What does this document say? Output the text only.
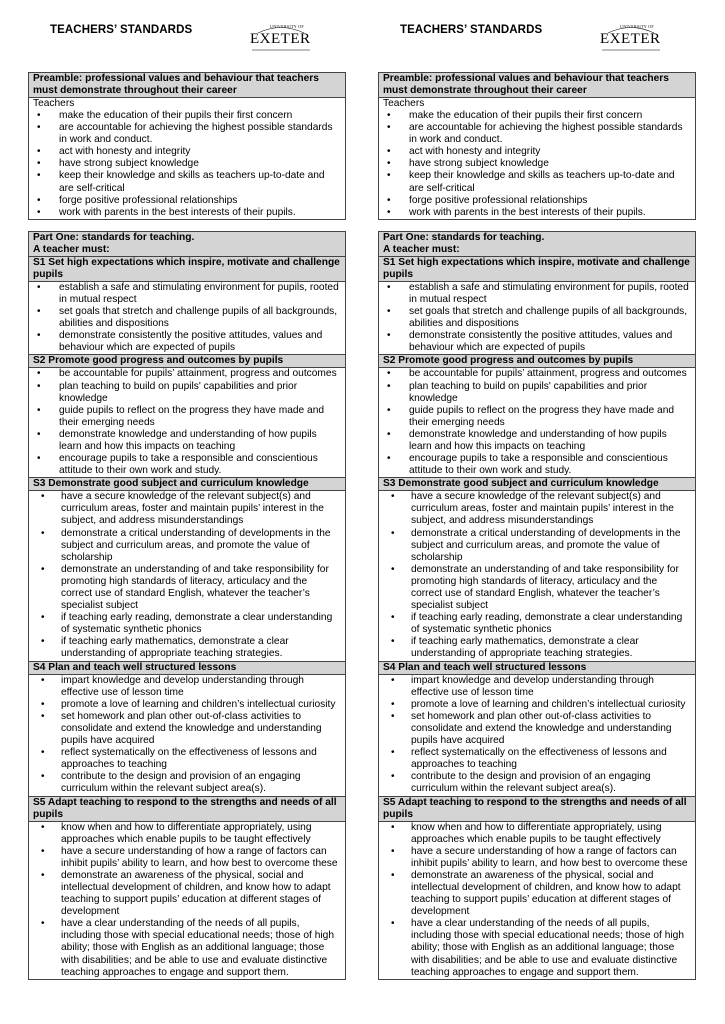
TEACHERS’ STANDARDS	UNIVERSITY OF
EXETER
Preamble: professional values and behaviour that teachers must demonstrate throughout their career
Teachers
• make the education of their pupils their first concern
• are accountable for achieving the highest possible standards in work and conduct.
• act with honesty and integrity
• have strong subject knowledge
• keep their knowledge and skills as teachers up-to-date and are self-critical
• forge positive professional relationships
• work with parents in the best interests of their pupils.
Part One: standards for teaching.
A teacher must:
S1 Set high expectations which inspire, motivate and challenge pupils
• establish a safe and stimulating environment for pupils, rooted in mutual respect
• set goals that stretch and challenge pupils of all backgrounds, abilities and dispositions
• demonstrate consistently the positive attitudes, values and behaviour which are expected of pupils
S2 Promote good progress and outcomes by pupils
• be accountable for pupils’ attainment, progress and outcomes
• plan teaching to build on pupils' capabilities and prior knowledge
• guide pupils to reflect on the progress they have made and their emerging needs
• demonstrate knowledge and understanding of how pupils learn and how this impacts on teaching
• encourage pupils to take a responsible and conscientious attitude to their own work and study.
S3 Demonstrate good subject and curriculum knowledge
• have a secure knowledge of the relevant subject(s) and curriculum areas, foster and maintain pupils’ interest in the subject, and address misunderstandings
• demonstrate a critical understanding of developments in the subject and curriculum areas, and promote the value of scholarship
• demonstrate an understanding of and take responsibility for promoting high standards of literacy, articulacy and the correct use of standard English, whatever the teacher’s specialist subject
• if teaching early reading, demonstrate a clear understanding of systematic synthetic phonics
• if teaching early mathematics, demonstrate a clear understanding of appropriate teaching strategies.
S4 Plan and teach well structured lessons
• impart knowledge and develop understanding through effective use of lesson time
• promote a love of learning and children’s intellectual curiosity
• set homework and plan other out-of-class activities to consolidate and extend the knowledge and understanding pupils have acquired
• reflect systematically on the effectiveness of lessons and approaches to teaching
• contribute to the design and provision of an engaging curriculum within the relevant subject area(s).
S5 Adapt teaching to respond to the strengths and needs of all pupils
• know when and how to differentiate appropriately, using approaches which enable pupils to be taught effectively
• have a secure understanding of how a range of factors can inhibit pupils’ ability to learn, and how best to overcome these
• demonstrate an awareness of the physical, social and intellectual development of children, and know how to adapt teaching to support pupils’ education at different stages of development
• have a clear understanding of the needs of all pupils, including those with special educational needs; those of high ability; those with English as an additional language; those with disabilities; and be able to use and evaluate distinctive teaching approaches to engage and support them.
TEACHERS’ STANDARDS	UNIVERSITY OF
EXETER
Preamble: professional values and behaviour that teachers must demonstrate throughout their career
Teachers
• make the education of their pupils their first concern
• are accountable for achieving the highest possible standards in work and conduct.
• act with honesty and integrity
• have strong subject knowledge
• keep their knowledge and skills as teachers up-to-date and are self-critical
• forge positive professional relationships
• work with parents in the best interests of their pupils.
Part One: standards for teaching.
A teacher must:
S1 Set high expectations which inspire, motivate and challenge pupils
• establish a safe and stimulating environment for pupils, rooted in mutual respect
• set goals that stretch and challenge pupils of all backgrounds, abilities and dispositions
• demonstrate consistently the positive attitudes, values and behaviour which are expected of pupils
S2 Promote good progress and outcomes by pupils
• be accountable for pupils’ attainment, progress and outcomes
• plan teaching to build on pupils' capabilities and prior knowledge
• guide pupils to reflect on the progress they have made and their emerging needs
• demonstrate knowledge and understanding of how pupils learn and how this impacts on teaching
• encourage pupils to take a responsible and conscientious attitude to their own work and study.
S3 Demonstrate good subject and curriculum knowledge
• have a secure knowledge of the relevant subject(s) and curriculum areas, foster and maintain pupils’ interest in the subject, and address misunderstandings
• demonstrate a critical understanding of developments in the subject and curriculum areas, and promote the value of scholarship
• demonstrate an understanding of and take responsibility for promoting high standards of literacy, articulacy and the correct use of standard English, whatever the teacher’s specialist subject
• if teaching early reading, demonstrate a clear understanding of systematic synthetic phonics
• if teaching early mathematics, demonstrate a clear understanding of appropriate teaching strategies.
S4 Plan and teach well structured lessons
• impart knowledge and develop understanding through effective use of lesson time
• promote a love of learning and children’s intellectual curiosity
• set homework and plan other out-of-class activities to consolidate and extend the knowledge and understanding pupils have acquired
• reflect systematically on the effectiveness of lessons and approaches to teaching
• contribute to the design and provision of an engaging curriculum within the relevant subject area(s).
S5 Adapt teaching to respond to the strengths and needs of all pupils
• know when and how to differentiate appropriately, using approaches which enable pupils to be taught effectively
• have a secure understanding of how a range of factors can inhibit pupils’ ability to learn, and how best to overcome these
• demonstrate an awareness of the physical, social and intellectual development of children, and know how to adapt teaching to support pupils’ education at different stages of development
• have a clear understanding of the needs of all pupils, including those with special educational needs; those of high ability; those with English as an additional language; those with disabilities; and be able to use and evaluate distinctive teaching approaches to engage and support them.
